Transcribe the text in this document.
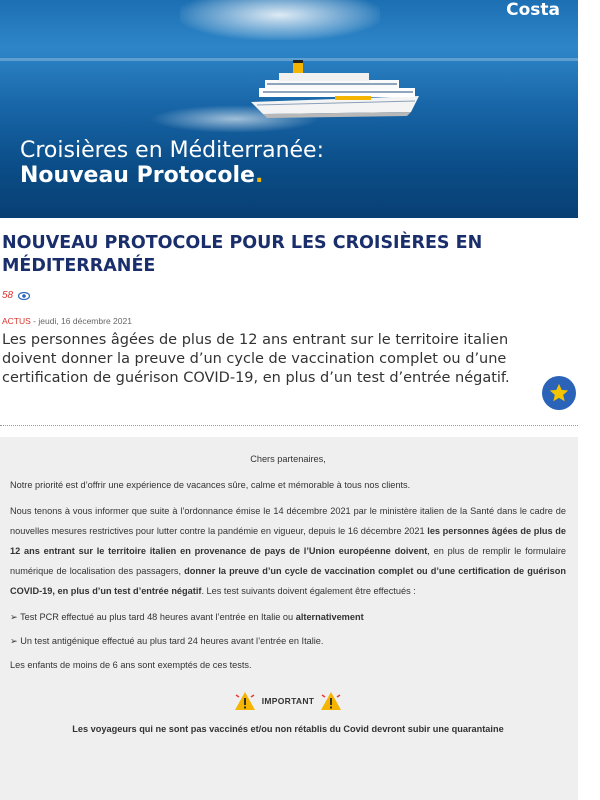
Costa
Croisières en Méditerranée:
Nouveau Protocole.
NOUVEAU PROTOCOLE POUR LES CROISIÈRES EN MÉDITERRANÉE
58
ACTUS - jeudi, 16 décembre 2021

Les personnes âgées de plus de 12 ans entrant sur le territoire italien doivent donner la preuve d’un cycle de vaccination complet ou d’une certification de guérison COVID-19, en plus d’un test d’entrée négatif.

Chers partenaires,

Notre priorité est d’offrir une expérience de vacances sûre, calme et mémorable à tous nos clients.

Nous tenons à vous informer que suite à l’ordonnance émise le 14 décembre 2021 par le ministère italien de la Santé dans le cadre de nouvelles mesures restrictives pour lutter contre la pandémie en vigueur, depuis le 16 décembre 2021 les personnes âgées de plus de 12 ans entrant sur le territoire italien en provenance de pays de l’Union européenne doivent, en plus de remplir le formulaire numérique de localisation des passagers, donner la preuve d’un cycle de vaccination complet ou d’une certification de guérison COVID-19, en plus d’un test d’entrée négatif. Les test suivants doivent également être effectués :

➢ Test PCR effectué au plus tard 48 heures avant l’entrée en Italie ou alternativement

➢ Un test antigénique effectué au plus tard 24 heures avant l’entrée en Italie.

Les enfants de moins de 6 ans sont exemptés de ces tests.

IMPORTANT

Les voyageurs qui ne sont pas vaccinés et/ou non rétablis du Covid devront subir une quarantaine
